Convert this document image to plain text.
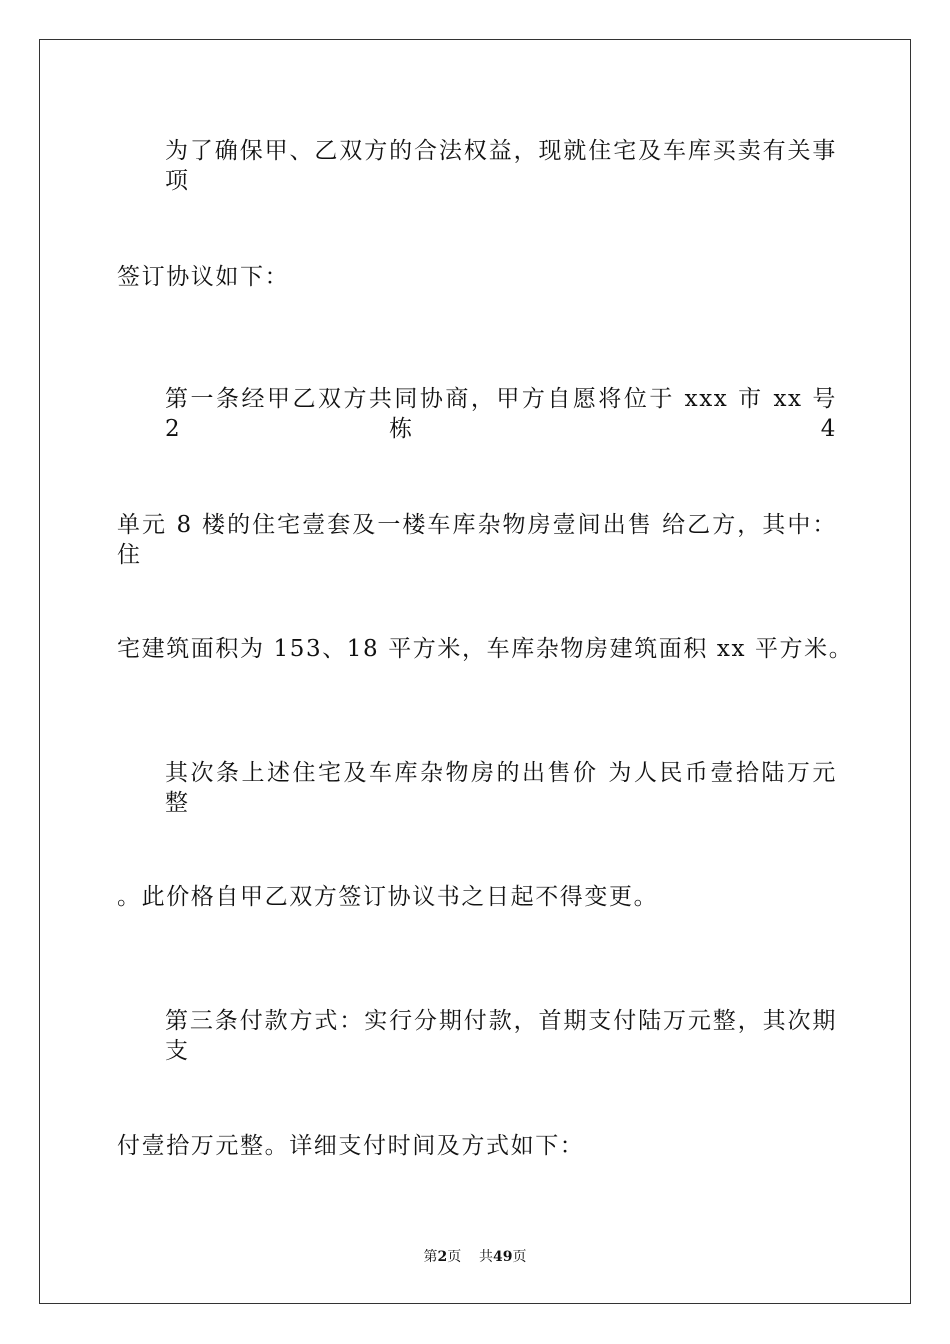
为了确保甲、乙双方的合法权益，现就住宅及车库买卖有关事项
签订协议如下：
第一条经甲乙双方共同协商，甲方自愿将位于 xxx 市 xx 号 2 栋 4
单元 8 楼的住宅壹套及一楼车库杂物房壹间出售 给乙方，其中：住
宅建筑面积为 153、18 平方米，车库杂物房建筑面积 xx 平方米。
其次条上述住宅及车库杂物房的出售价 为人民币壹拾陆万元整
。此价格自甲乙双方签订协议书之日起不得变更。
第三条付款方式：实行分期付款，首期支付陆万元整，其次期支
付壹拾万元整。详细支付时间及方式如下：
第2页 共49页
